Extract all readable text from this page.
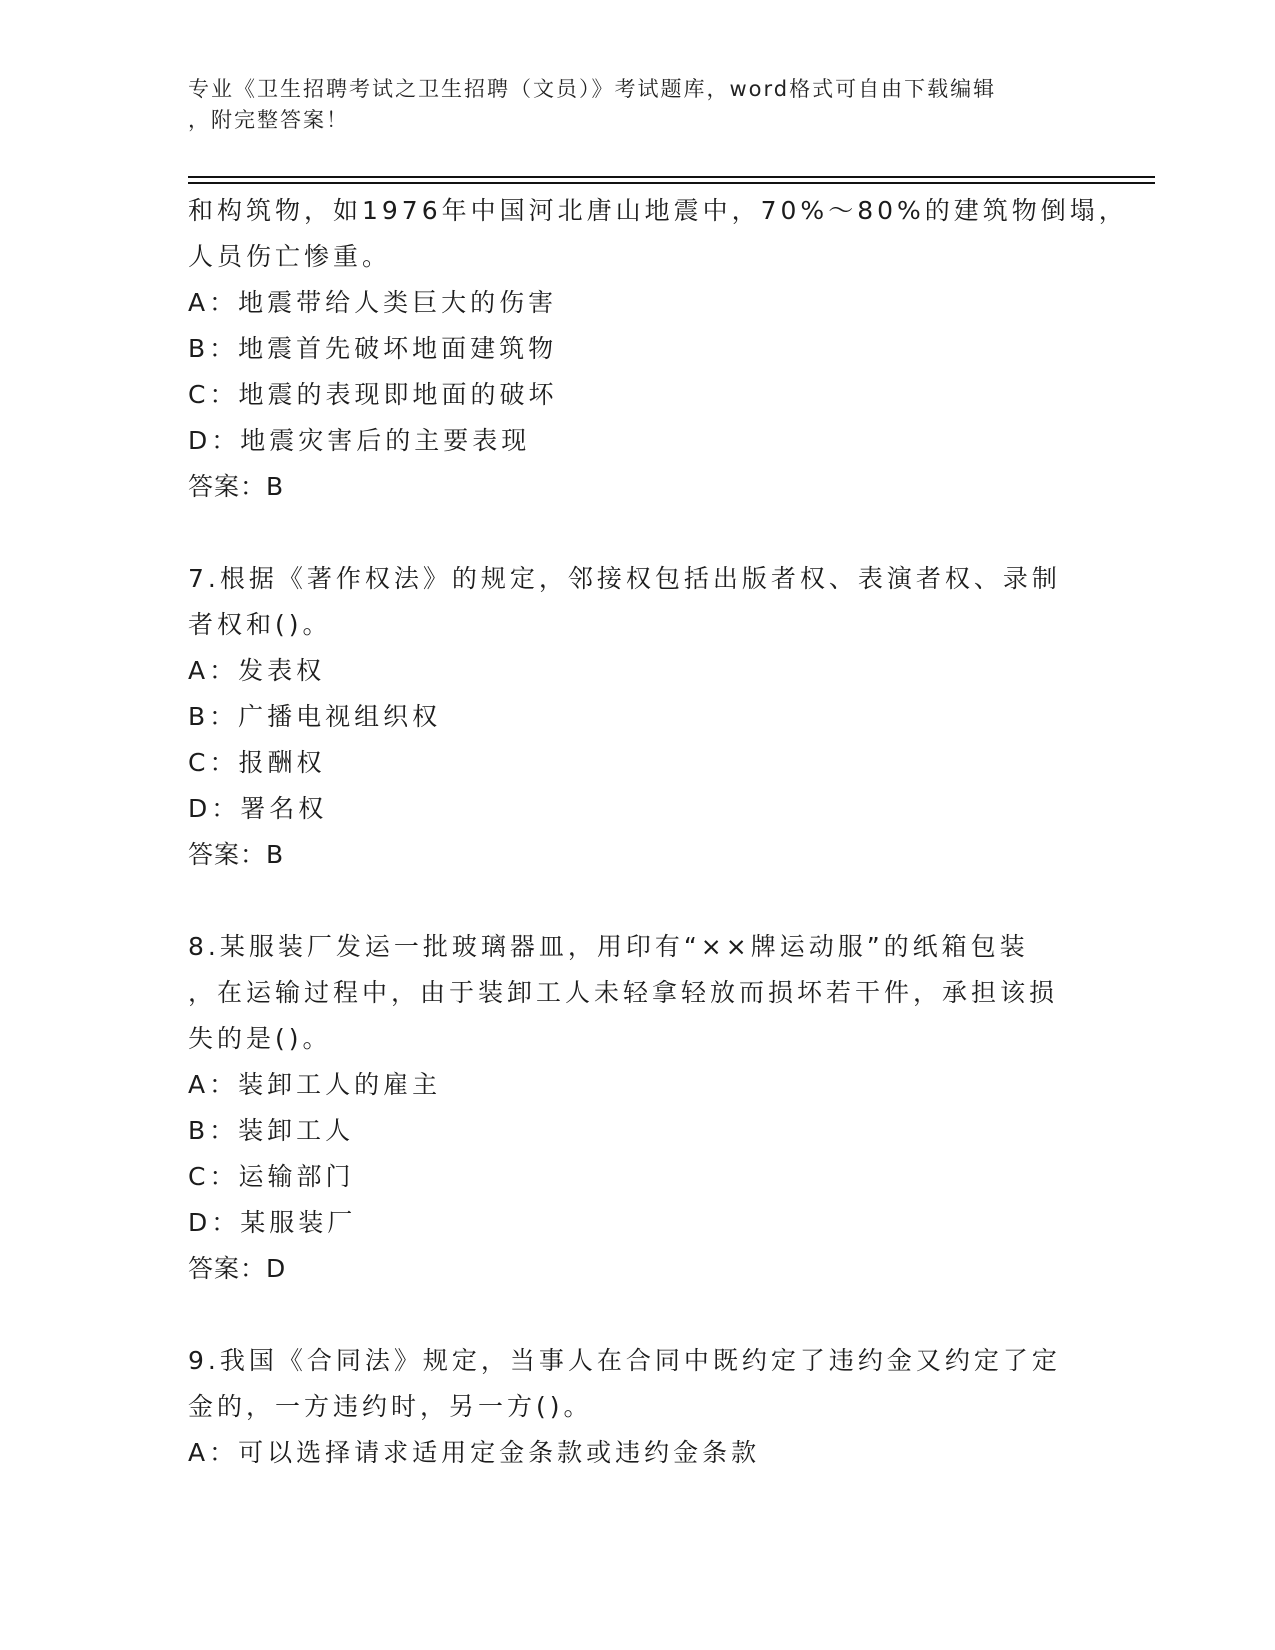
专业《卫生招聘考试之卫生招聘（文员）》考试题库，word格式可自由下载编辑
，附完整答案！
和构筑物，如1976年中国河北唐山地震中，70%～80%的建筑物倒塌，
人员伤亡惨重。
A：地震带给人类巨大的伤害
B：地震首先破坏地面建筑物
C：地震的表现即地面的破坏
D：地震灾害后的主要表现
答案：B
7.根据《著作权法》的规定，邻接权包括出版者权、表演者权、录制
者权和()。
A：发表权
B：广播电视组织权
C：报酬权
D：署名权
答案：B
8.某服装厂发运一批玻璃器皿，用印有“××牌运动服”的纸箱包装
，在运输过程中，由于装卸工人未轻拿轻放而损坏若干件，承担该损
失的是()。
A：装卸工人的雇主
B：装卸工人
C：运输部门
D：某服装厂
答案：D
9.我国《合同法》规定，当事人在合同中既约定了违约金又约定了定
金的，一方违约时，另一方()。
A：可以选择请求适用定金条款或违约金条款
